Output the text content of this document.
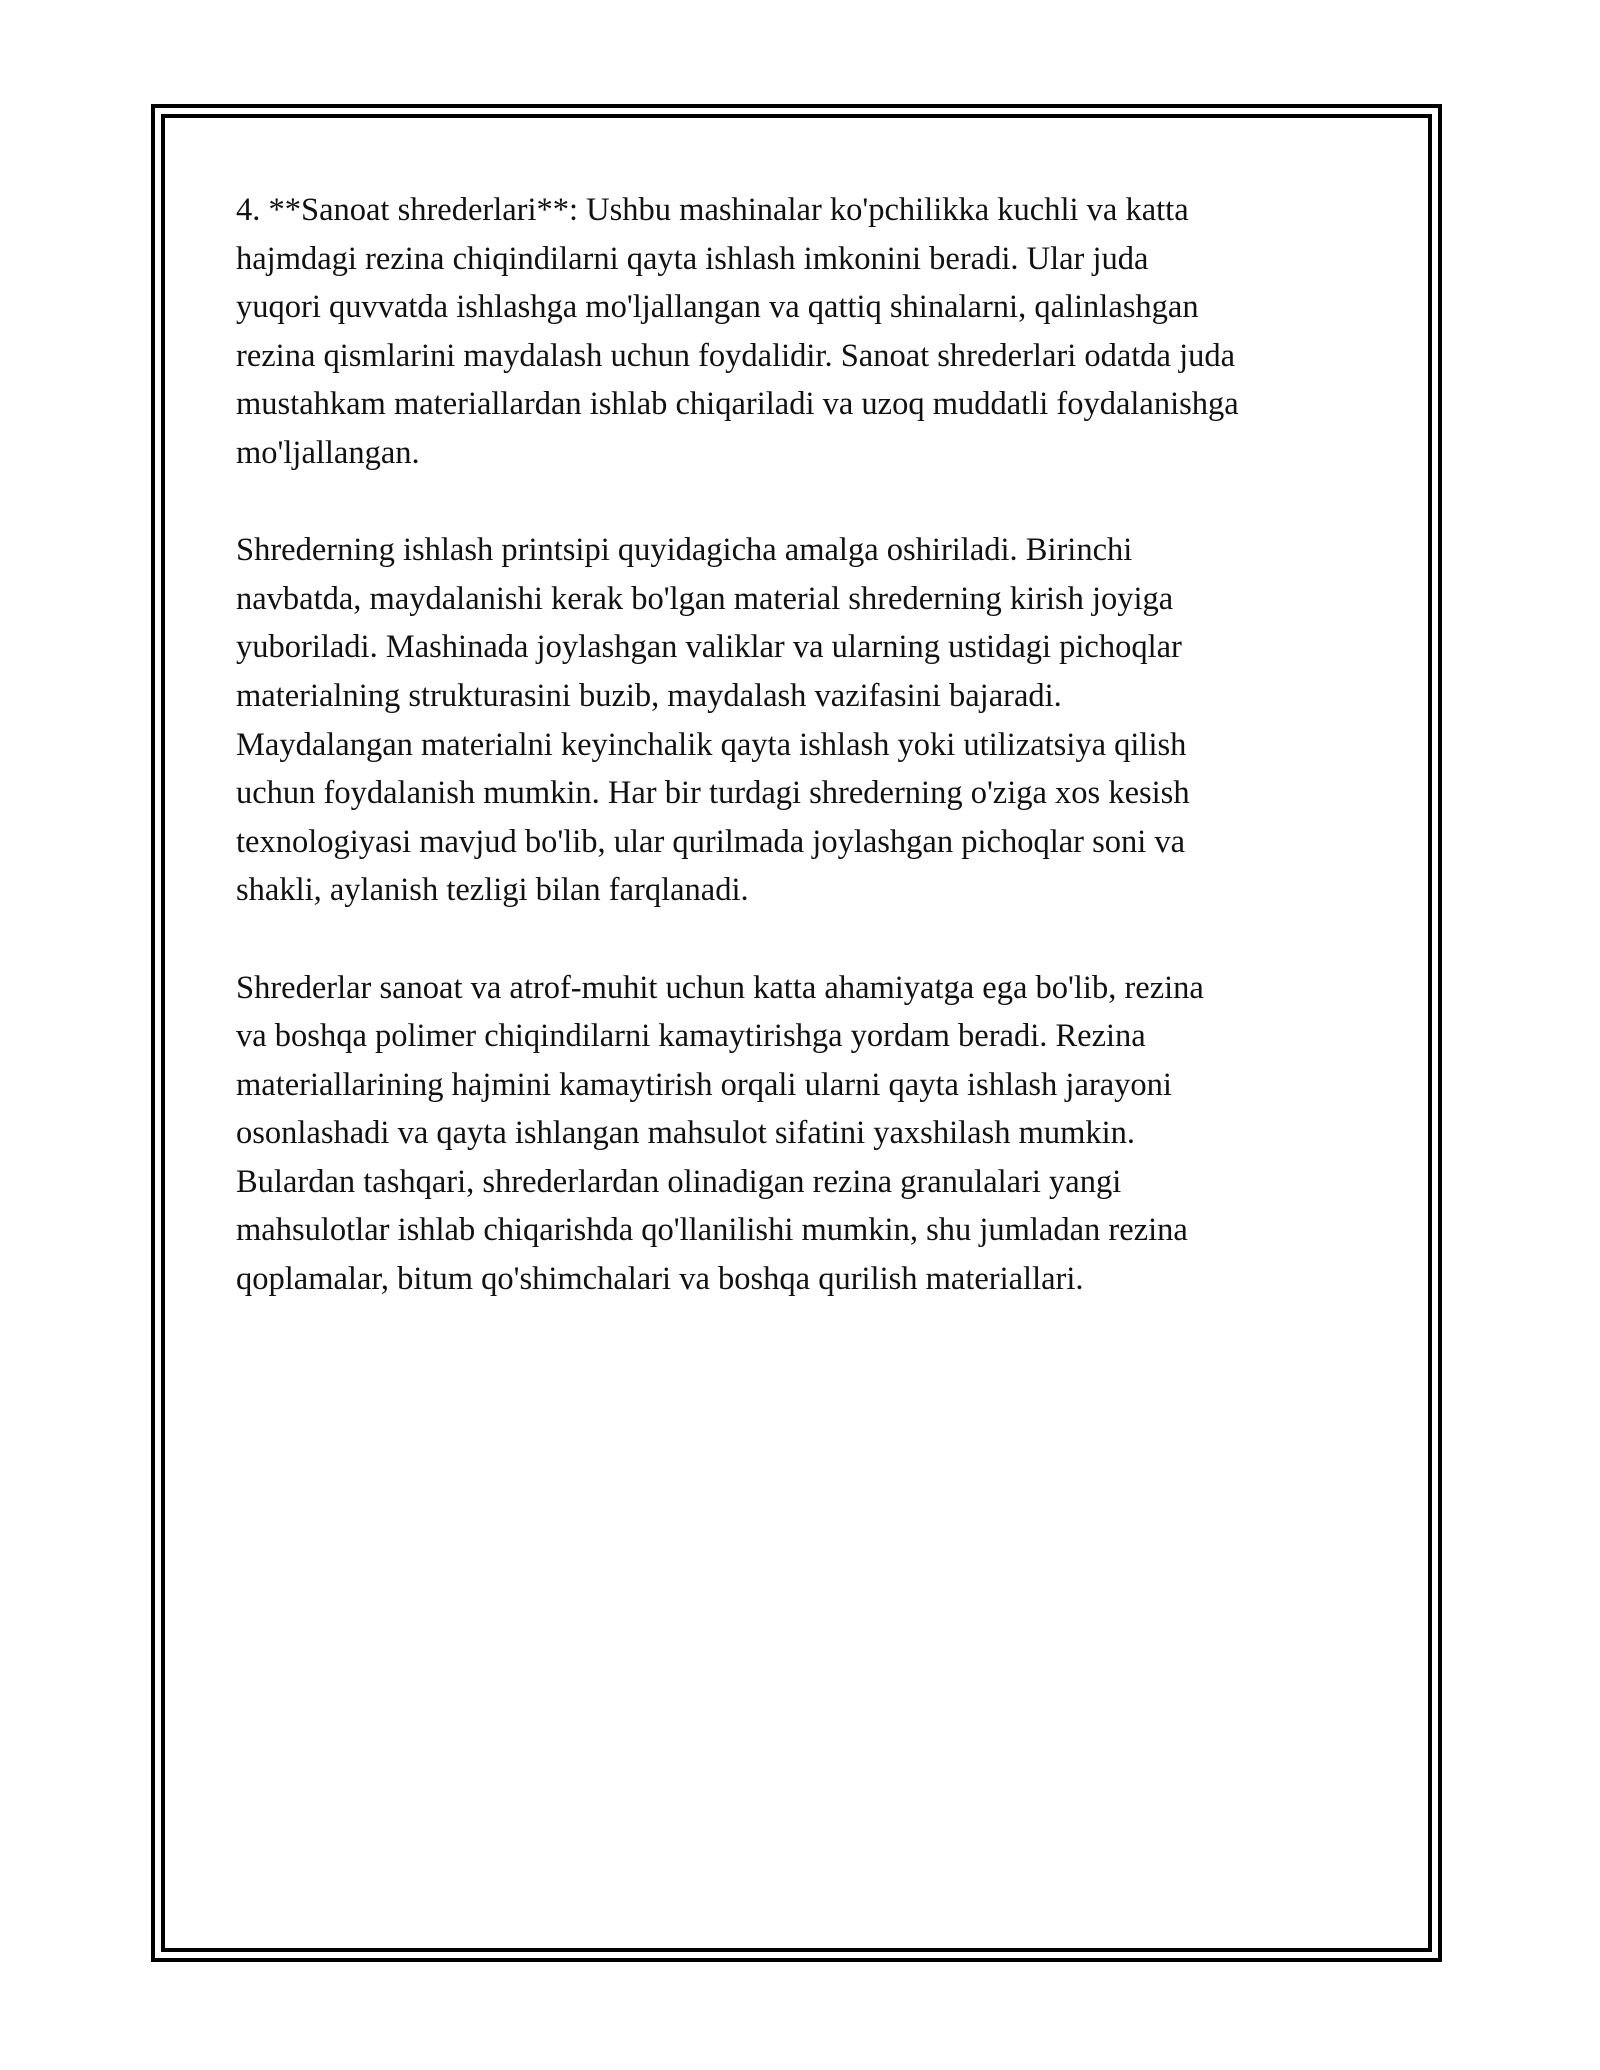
4. **Sanoat shrederlari**: Ushbu mashinalar ko'pchilikka kuchli va katta
hajmdagi rezina chiqindilarni qayta ishlash imkonini beradi. Ular juda
yuqori quvvatda ishlashga mo'ljallangan va qattiq shinalarni, qalinlashgan
rezina qismlarini maydalash uchun foydalidir. Sanoat shrederlari odatda juda
mustahkam materiallardan ishlab chiqariladi va uzoq muddatli foydalanishga
mo'ljallangan.

Shrederning ishlash printsipi quyidagicha amalga oshiriladi. Birinchi
navbatda, maydalanishi kerak bo'lgan material shrederning kirish joyiga
yuboriladi. Mashinada joylashgan valiklar va ularning ustidagi pichoqlar
materialning strukturasini buzib, maydalash vazifasini bajaradi.
Maydalangan materialni keyinchalik qayta ishlash yoki utilizatsiya qilish
uchun foydalanish mumkin. Har bir turdagi shrederning o'ziga xos kesish
texnologiyasi mavjud bo'lib, ular qurilmada joylashgan pichoqlar soni va
shakli, aylanish tezligi bilan farqlanadi.

Shrederlar sanoat va atrof-muhit uchun katta ahamiyatga ega bo'lib, rezina
va boshqa polimer chiqindilarni kamaytirishga yordam beradi. Rezina
materiallarining hajmini kamaytirish orqali ularni qayta ishlash jarayoni
osonlashadi va qayta ishlangan mahsulot sifatini yaxshilash mumkin.
Bulardan tashqari, shrederlardan olinadigan rezina granulalari yangi
mahsulotlar ishlab chiqarishda qo'llanilishi mumkin, shu jumladan rezina
qoplamalar, bitum qo'shimchalari va boshqa qurilish materiallari.
